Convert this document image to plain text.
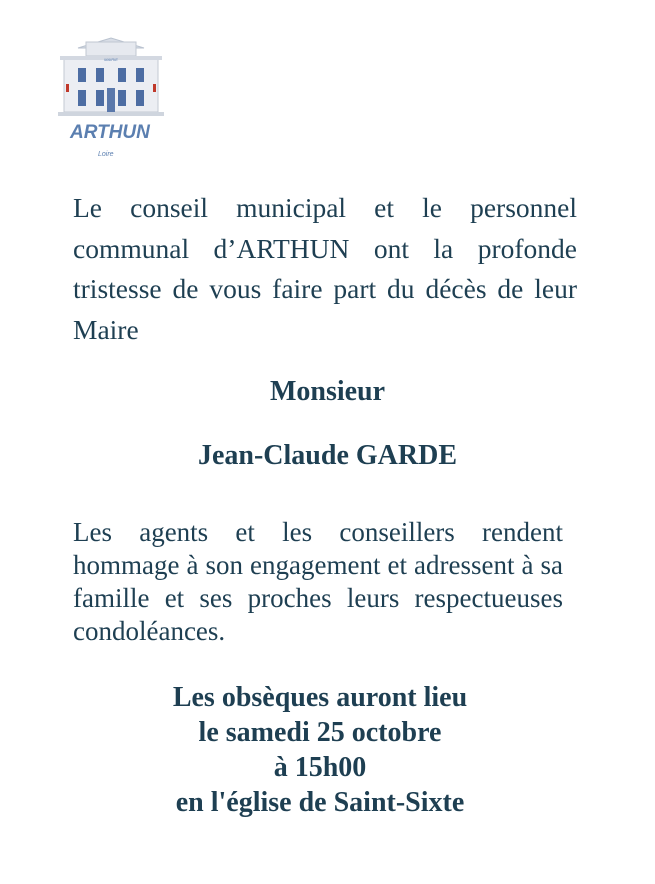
MAIRIE
ARTHUN
Loire

Le conseil municipal et le personnel communal d’ARTHUN ont la profonde tristesse de vous faire part du décès de leur Maire

Monsieur

Jean-Claude GARDE

Les agents et les conseillers rendent hommage à son engagement et adressent à sa famille et ses proches leurs respectueuses condoléances.

Les obsèques auront lieu
le samedi 25 octobre
à 15h00
en l'église de Saint-Sixte
